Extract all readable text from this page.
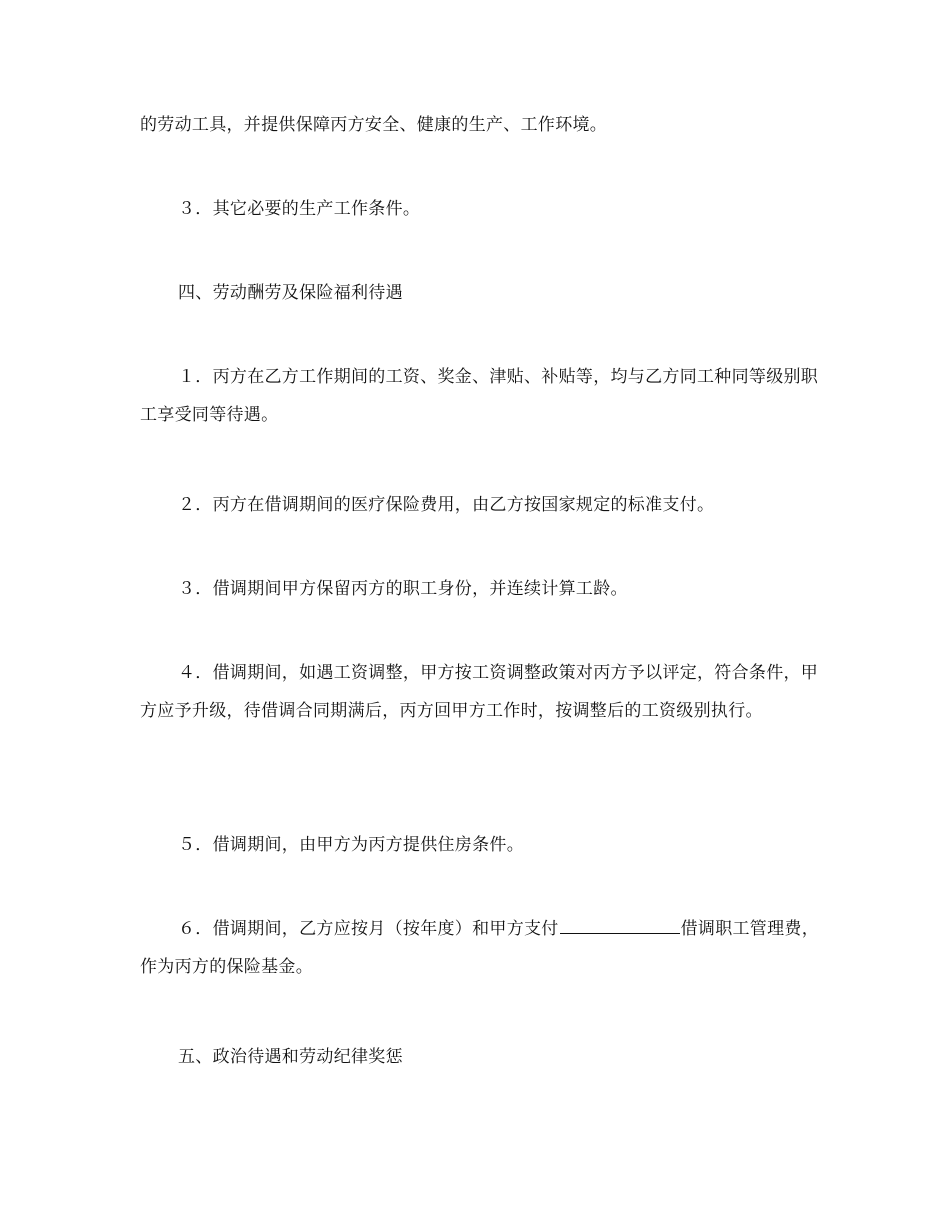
的劳动工具，并提供保障丙方安全、健康的生产、工作环境。

３．其它必要的生产工作条件。

四、劳动酬劳及保险福利待遇

１．丙方在乙方工作期间的工资、奖金、津贴、补贴等，均与乙方同工种同等级别职工享受同等待遇。

２．丙方在借调期间的医疗保险费用，由乙方按国家规定的标准支付。

３．借调期间甲方保留丙方的职工身份，并连续计算工龄。

４．借调期间，如遇工资调整，甲方按工资调整政策对丙方予以评定，符合条件，甲方应予升级，待借调合同期满后，丙方回甲方工作时，按调整后的工资级别执行。

５．借调期间，由甲方为丙方提供住房条件。

６．借调期间，乙方应按月（按年度）和甲方支付	借调职工管理费，作为丙方的保险基金。

五、政治待遇和劳动纪律奖惩
